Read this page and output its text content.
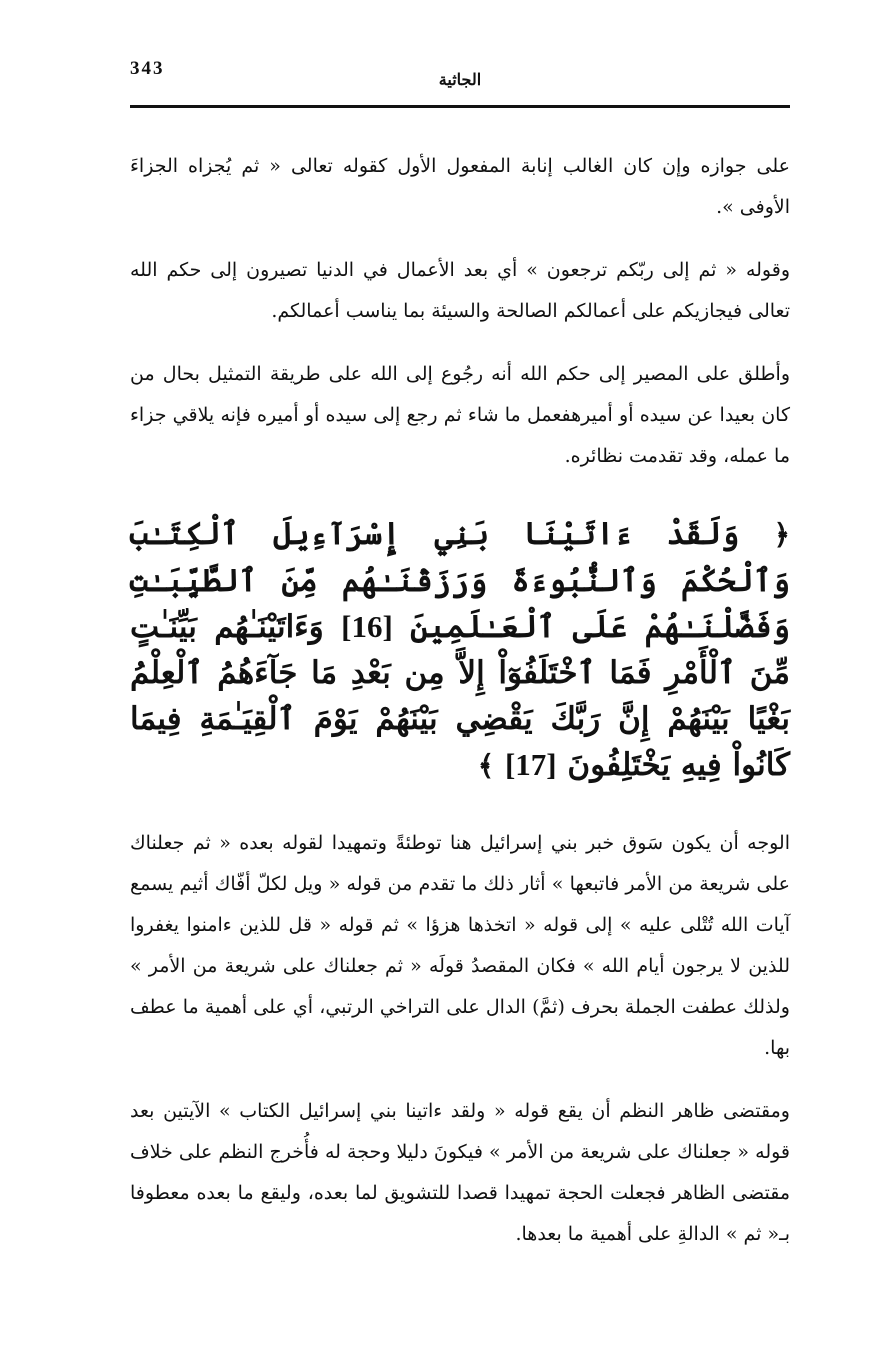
343
الجاثية

على جوازه وإن كان الغالب إنابة المفعول الأول كقوله تعالى « ثم يُجزاه الجزاءَ الأوفى ».

وقوله « ثم إلى ربّكم ترجعون » أي بعد الأعمال في الدنيا تصيرون إلى حكم الله تعالى فيجازيكم على أعمالكم الصالحة والسيئة بما يناسب أعمالكم.

وأطلق على المصير إلى حكم الله أنه رجُوع إلى الله على طريقة التمثيل بحال من كان بعيدا عن سيده أو أميرهفعمل ما شاء ثم رجع إلى سيده أو أميره فإنه يلاقي جزاء ما عمله، وقد تقدمت نظائره.

﴿ وَلَقَدْ ءَاتَيْنَا بَنِي إِسْرَآءِيلَ ٱلْكِتَـٰبَ وَٱلْحُكْمَ وَٱلنُّبُوءَةَ وَرَزَقْنَـٰهُم مِّنَ ٱلطَّيِّبَـٰتِ وَفَضَّلْنَـٰهُمْ عَلَى ٱلْعَـٰلَمِينَ [16] وَءَاتَيْنَـٰهُم بَيِّنَـٰتٍ مِّنَ ٱلْأَمْرِ فَمَا ٱخْتَلَفُوٓاْ إِلاَّ مِن بَعْدِ مَا جَآءَهُمُ ٱلْعِلْمُ بَغْيًا بَيْنَهُمْ إِنَّ رَبَّكَ يَقْضِي بَيْنَهُمْ يَوْمَ ٱلْقِيَـٰمَةِ فِيمَا كَانُواْ فِيهِ يَخْتَلِفُونَ [17] ﴾

الوجه أن يكون سَوق خبر بني إسرائيل هنا توطئةً وتمهيدا لقوله بعده « ثم جعلناك على شريعة من الأمر فاتبعها » أثار ذلك ما تقدم من قوله « ويل لكلّ أفّاك أثيم يسمع آيات الله تُتْلى عليه » إلى قوله « اتخذها هزؤا » ثم قوله « قل للذين ءامنوا يغفروا للذين لا يرجون أيام الله » فكان المقصدُ قولَه « ثم جعلناك على شريعة من الأمر » ولذلك عطفت الجملة بحرف (ثمَّ) الدال على التراخي الرتبي، أي على أهمية ما عطف بها.

ومقتضى ظاهر النظم أن يقع قوله « ولقد ءاتينا بني إسرائيل الكتاب » الآيتين بعد قوله « جعلناك على شريعة من الأمر » فيكونَ دليلا وحجة له فأُخرج النظم على خلاف مقتضى الظاهر فجعلت الحجة تمهيدا قصدا للتشويق لما بعده، وليقع ما بعده معطوفا بـ« ثم » الدالةِ على أهمية ما بعدها.
